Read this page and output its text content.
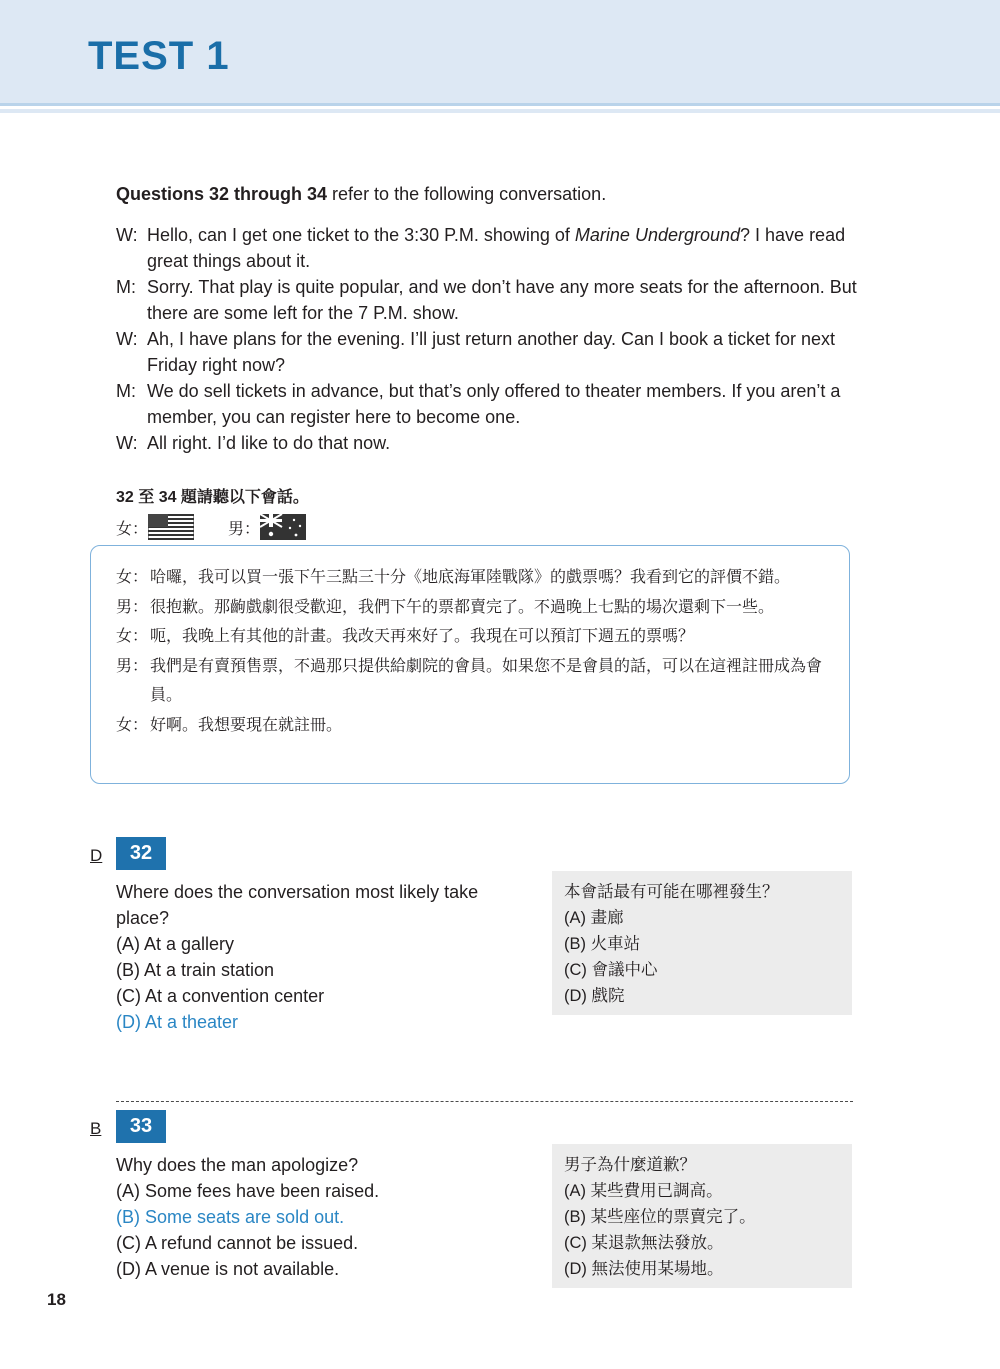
TEST 1
Questions 32 through 34 refer to the following conversation.
W: Hello, can I get one ticket to the 3:30 P.M. showing of Marine Underground? I have read great things about it.
M: Sorry. That play is quite popular, and we don’t have any more seats for the afternoon. But there are some left for the 7 P.M. show.
W: Ah, I have plans for the evening. I’ll just return another day. Can I book a ticket for next Friday right now?
M: We do sell tickets in advance, but that’s only offered to theater members. If you aren’t a member, you can register here to become one.
W: All right. I’d like to do that now.
32 至 34 題請聽以下會話。
女：	男：
女： 哈囉，我可以買一張下午三點三十分《地底海軍陸戰隊》的戲票嗎？我看到它的評價不錯。
男： 很抱歉。那齣戲劇很受歡迎，我們下午的票都賣完了。不過晚上七點的場次還剩下一些。
女： 呃，我晚上有其他的計畫。我改天再來好了。我現在可以預訂下週五的票嗎？
男： 我們是有賣預售票，不過那只提供給劇院的會員。如果您不是會員的話，可以在這裡註冊成為會員。
女： 好啊。我想要現在就註冊。
D	32
Where does the conversation most likely take place?
(A) At a gallery
(B) At a train station
(C) At a convention center
(D) At a theater
本會話最有可能在哪裡發生？
(A) 畫廊
(B) 火車站
(C) 會議中心
(D) 戲院
B	33
Why does the man apologize?
(A) Some fees have been raised.
(B) Some seats are sold out.
(C) A refund cannot be issued.
(D) A venue is not available.
男子為什麼道歉？
(A) 某些費用已調高。
(B) 某些座位的票賣完了。
(C) 某退款無法發放。
(D) 無法使用某場地。
18
